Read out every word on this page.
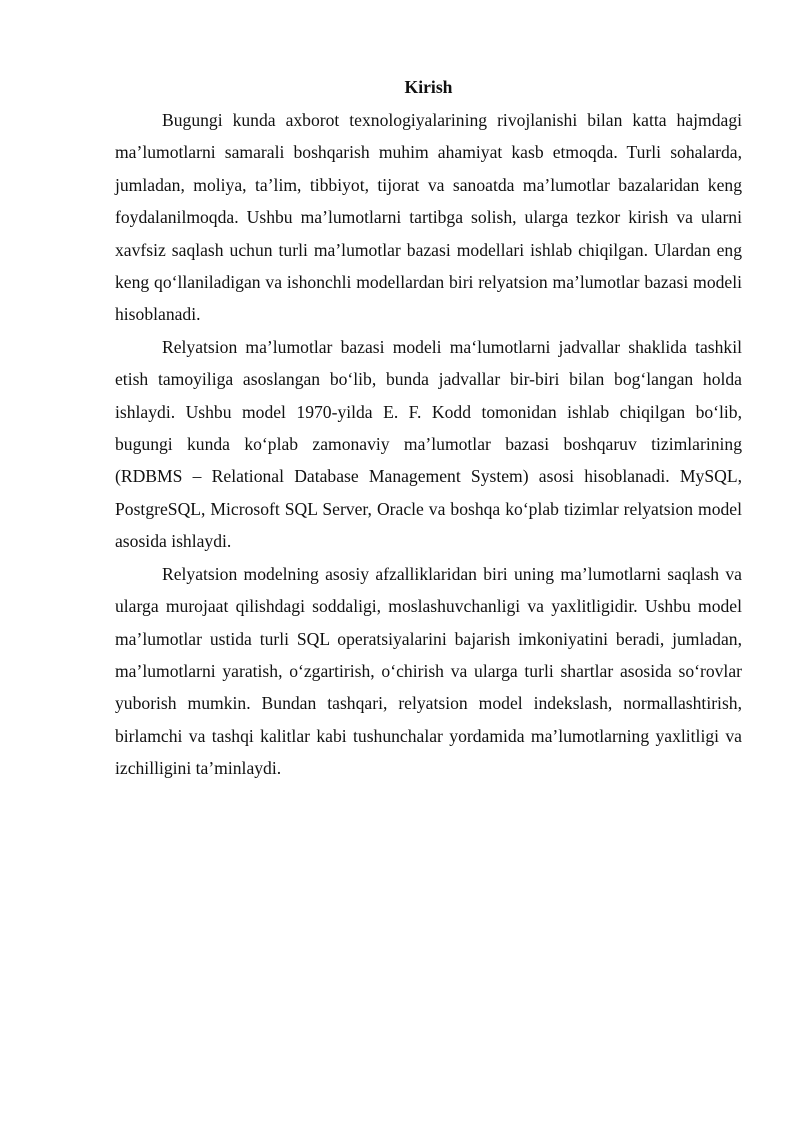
Kirish

Bugungi kunda axborot texnologiyalarining rivojlanishi bilan katta hajmdagi ma’lumotlarni samarali boshqarish muhim ahamiyat kasb etmoqda. Turli sohalarda, jumladan, moliya, ta’lim, tibbiyot, tijorat va sanoatda ma’lumotlar bazalaridan keng foydalanilmoqda. Ushbu ma’lumotlarni tartibga solish, ularga tezkor kirish va ularni xavfsiz saqlash uchun turli ma’lumotlar bazasi modellari ishlab chiqilgan. Ulardan eng keng qo‘llaniladigan va ishonchli modellardan biri relyatsion ma’lumotlar bazasi modeli hisoblanadi.

Relyatsion ma’lumotlar bazasi modeli ma‘lumotlarni jadvallar shaklida tashkil etish tamoyiliga asoslangan bo‘lib, bunda jadvallar bir-biri bilan bog‘langan holda ishlaydi. Ushbu model 1970-yilda E. F. Kodd tomonidan ishlab chiqilgan bo‘lib, bugungi kunda ko‘plab zamonaviy ma’lumotlar bazasi boshqaruv tizimlarining (RDBMS – Relational Database Management System) asosi hisoblanadi. MySQL, PostgreSQL, Microsoft SQL Server, Oracle va boshqa ko‘plab tizimlar relyatsion model asosida ishlaydi.

Relyatsion modelning asosiy afzalliklaridan biri uning ma’lumotlarni saqlash va ularga murojaat qilishdagi soddaligi, moslashuvchanligi va yaxlitligidir. Ushbu model ma’lumotlar ustida turli SQL operatsiyalarini bajarish imkoniyatini beradi, jumladan, ma’lumotlarni yaratish, o‘zgartirish, o‘chirish va ularga turli shartlar asosida so‘rovlar yuborish mumkin. Bundan tashqari, relyatsion model indekslash, normallashtirish, birlamchi va tashqi kalitlar kabi tushunchalar yordamida ma’lumotlarning yaxlitligi va izchilligini ta’minlaydi.
